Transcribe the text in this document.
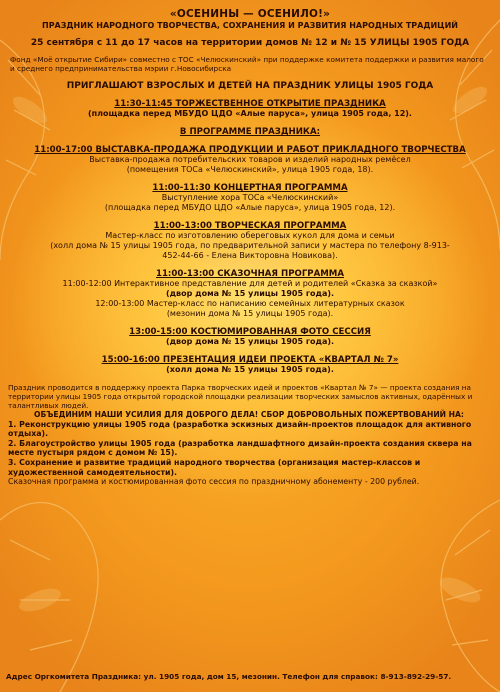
«ОСЕНИНЫ — ОСЕНИЛО!»
ПРАЗДНИК НАРОДНОГО ТВОРЧЕСТВА, СОХРАНЕНИЯ И РАЗВИТИЯ НАРОДНЫХ ТРАДИЦИЙ
25 сентября с 11 до 17 часов на территории домов № 12 и № 15 УЛИЦЫ 1905 ГОДА
Фонд «Моё открытие Сибири» совместно с ТОС «Челюскинский» при поддержке комитета поддержки и развития малого и среднего предпринимательства мэрии г.Новосибирска
ПРИГЛАШАЮТ ВЗРОСЛЫХ И ДЕТЕЙ НА ПРАЗДНИК УЛИЦЫ 1905 ГОДА
11:30-11:45 ТОРЖЕСТВЕННОЕ ОТКРЫТИЕ ПРАЗДНИКА
(площадка перед МБУДО ЦДО «Алые паруса», улица 1905 года, 12).
В ПРОГРАММЕ ПРАЗДНИКА:
11:00-17:00 ВЫСТАВКА-ПРОДАЖА ПРОДУКЦИИ И РАБОТ ПРИКЛАДНОГО ТВОРЧЕСТВА
Выставка-продажа потребительских товаров и изделий народных ремёсел
(помещения ТОСа «Челюскинский», улица 1905 года, 18).
11:00-11:30 КОНЦЕРТНАЯ ПРОГРАММА
Выступление хора ТОСа «Челюскинский»
(площадка перед МБУДО ЦДО «Алые паруса», улица 1905 года, 12).
11:00-13:00 ТВОРЧЕСКАЯ ПРОГРАММА
Мастер-класс по изготовлению обереговых кукол для дома и семьи
(холл дома № 15 улицы 1905 года, по предварительной записи у мастера по телефону 8-913-
452-44-66 - Елена Викторовна Новикова).
11:00-13:00 СКАЗОЧНАЯ ПРОГРАММА
11:00-12:00 Интерактивное представление для детей и родителей «Сказка за сказкой»
(двор дома № 15 улицы 1905 года).
12:00-13:00 Мастер-класс по написанию семейных литературных сказок
(мезонин дома № 15 улицы 1905 года).
13:00-15:00 КОСТЮМИРОВАННАЯ ФОТО СЕССИЯ
(двор дома № 15 улицы 1905 года).
15:00-16:00 ПРЕЗЕНТАЦИЯ ИДЕИ ПРОЕКТА «КВАРТАЛ № 7»
(холл дома № 15 улицы 1905 года).
Праздник проводится в поддержку проекта Парка творческих идей и проектов «Квартал № 7» — проекта создания на территории улицы 1905 года открытой городской площадки реализации творческих замыслов активных, одарённых и талантливых людей.
ОБЪЕДИНИМ НАШИ УСИЛИЯ ДЛЯ ДОБРОГО ДЕЛА! СБОР ДОБРОВОЛЬНЫХ ПОЖЕРТВОВАНИЙ НА:
1. Реконструкцию улицы 1905 года (разработка эскизных дизайн-проектов площадок для активного отдыха).
2. Благоустройство улицы 1905 года (разработка ландшафтного дизайн-проекта создания сквера на месте пустыря рядом с домом № 15).
3. Сохранение и развитие традиций народного творчества (организация мастер-классов и художественной самодеятельности).
Сказочная программа и костюмированная фото сессия по праздничному абонементу - 200 рублей.
Адрес Оргкомитета Праздника: ул. 1905 года, дом 15, мезонин. Телефон для справок: 8-913-892-29-57.
